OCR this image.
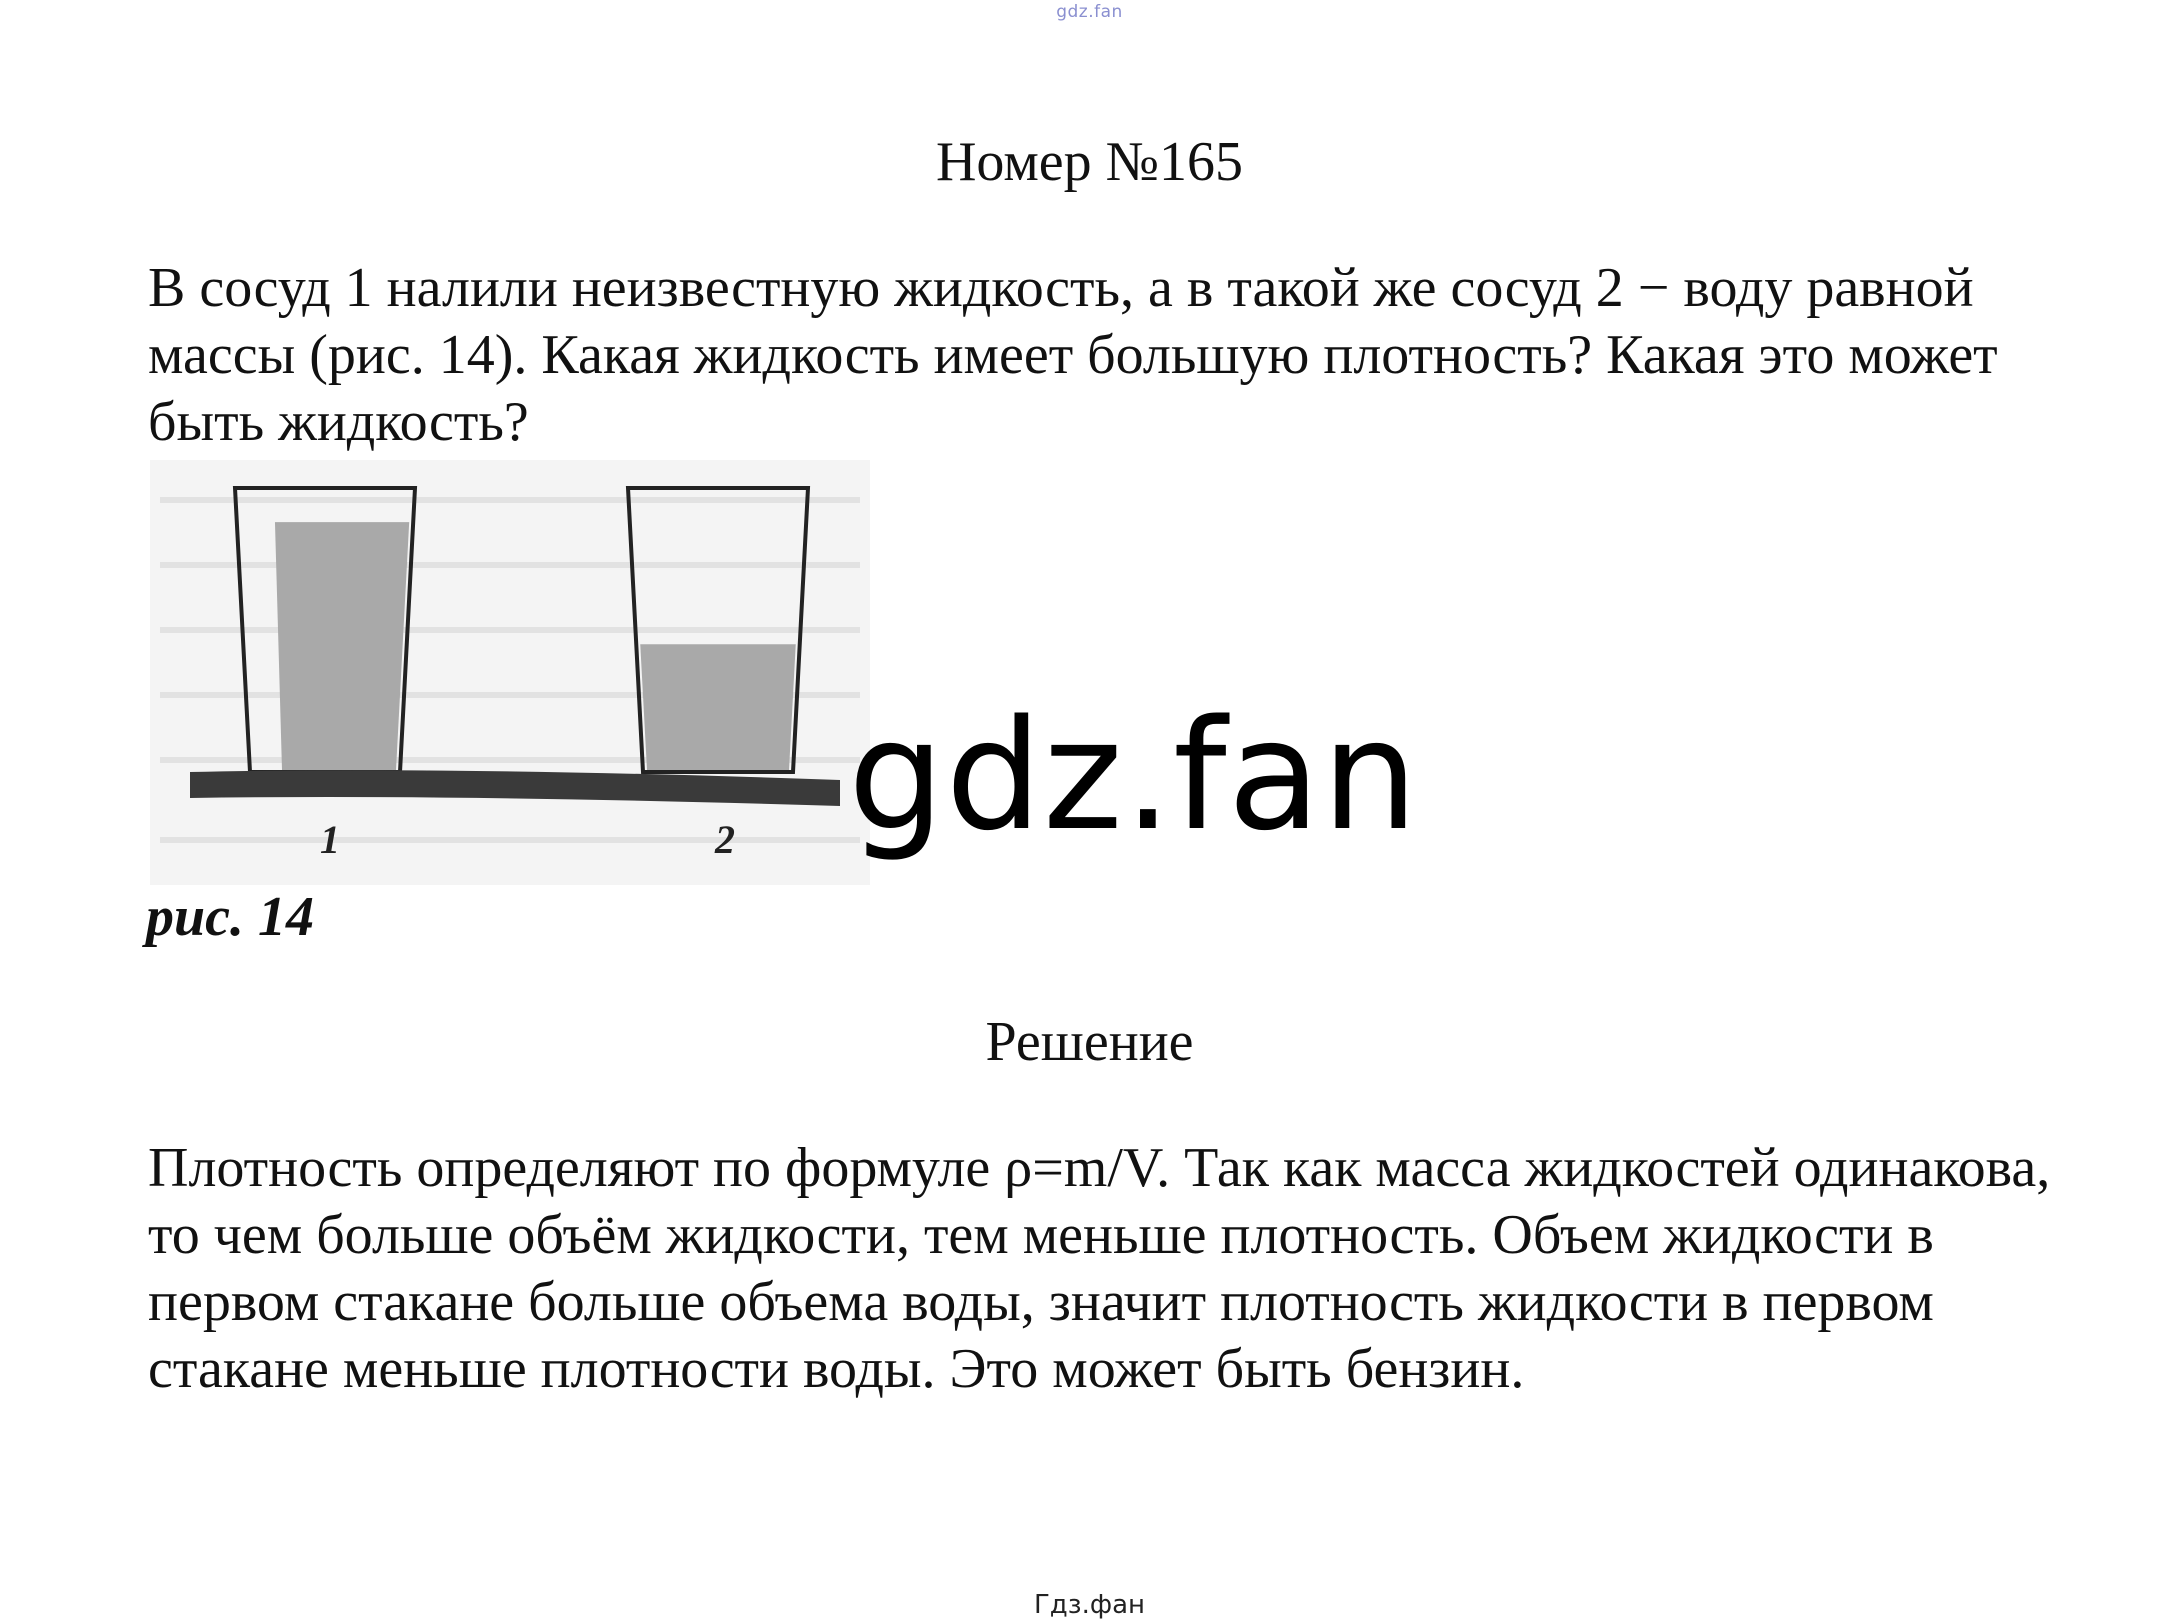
gdz.fan
Номер №165

В сосуд 1 налили неизвестную жидкость, а в такой же сосуд 2 − воду равной массы (рис. 14). Какая жидкость имеет большую плотность? Какая это может быть жидкость?

1	2
рис. 14
gdz.fan
Решение

Плотность определяют по формуле ρ=m/V. Так как масса жидкостей одинакова, то чем больше объём жидкости, тем меньше плотность. Объем жидкости в первом стакане больше объема воды, значит плотность жидкости в первом стакане меньше плотности воды. Это может быть бензин.

Гдз.фан
